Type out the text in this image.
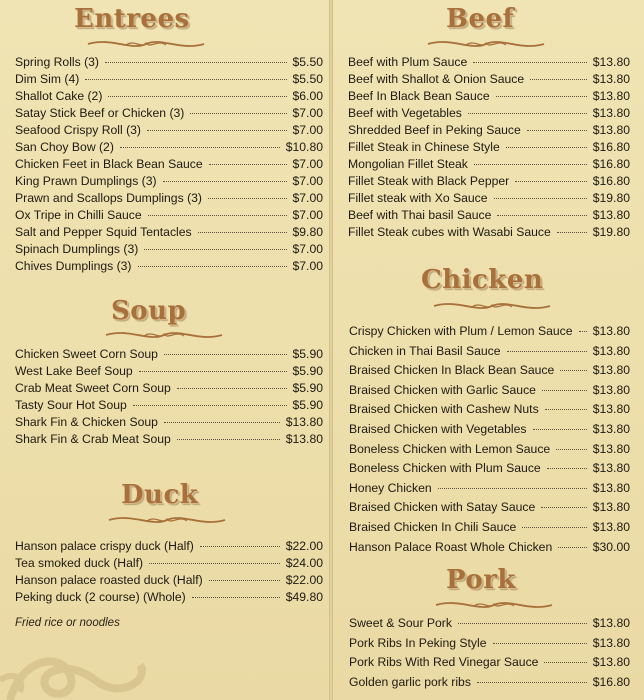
Entrees
Spring Rolls (3)	$5.50
Dim Sim (4)	$5.50
Shallot Cake (2)	$6.00
Satay Stick Beef or Chicken (3)	$7.00
Seafood Crispy Roll (3)	$7.00
San Choy Bow (2)	$10.80
Chicken Feet in Black Bean Sauce	$7.00
King Prawn Dumplings (3)	$7.00
Prawn and Scallops Dumplings (3)	$7.00
Ox Tripe in Chilli Sauce	$7.00
Salt and Pepper Squid Tentacles	$9.80
Spinach Dumplings (3)	$7.00
Chives Dumplings (3)	$7.00
Soup
Chicken Sweet Corn Soup	$5.90
West Lake Beef Soup	$5.90
Crab Meat Sweet Corn Soup	$5.90
Tasty Sour Hot Soup	$5.90
Shark Fin & Chicken Soup	$13.80
Shark Fin & Crab Meat Soup	$13.80
Duck
Hanson palace crispy duck (Half)	$22.00
Tea smoked duck (Half)	$24.00
Hanson palace roasted duck (Half)	$22.00
Peking duck (2 course) (Whole)	$49.80
Fried rice or noodles
Beef
Beef with Plum Sauce	$13.80
Beef with Shallot & Onion Sauce	$13.80
Beef In Black Bean Sauce	$13.80
Beef with Vegetables	$13.80
Shredded Beef in Peking Sauce	$13.80
Fillet Steak in Chinese Style	$16.80
Mongolian Fillet Steak	$16.80
Fillet Steak with Black Pepper	$16.80
Fillet steak with Xo Sauce	$19.80
Beef with Thai basil Sauce	$13.80
Fillet Steak cubes with Wasabi Sauce	$19.80
Chicken
Crispy Chicken with Plum / Lemon Sauce $13.80
Chicken in Thai Basil Sauce	$13.80
Braised Chicken In Black Bean Sauce	$13.80
Braised Chicken with Garlic Sauce	$13.80
Braised Chicken with Cashew Nuts	$13.80
Braised Chicken with Vegetables	$13.80
Boneless Chicken with Lemon Sauce	$13.80
Boneless Chicken with Plum Sauce	$13.80
Honey Chicken	$13.80
Braised Chicken with Satay Sauce	$13.80
Braised Chicken In Chili Sauce	$13.80
Hanson Palace Roast Whole Chicken	$30.00
Pork
Sweet & Sour Pork	$13.80
Pork Ribs In Peking Style	$13.80
Pork Ribs With Red Vinegar Sauce	$13.80
Golden garlic pork ribs	$16.80
